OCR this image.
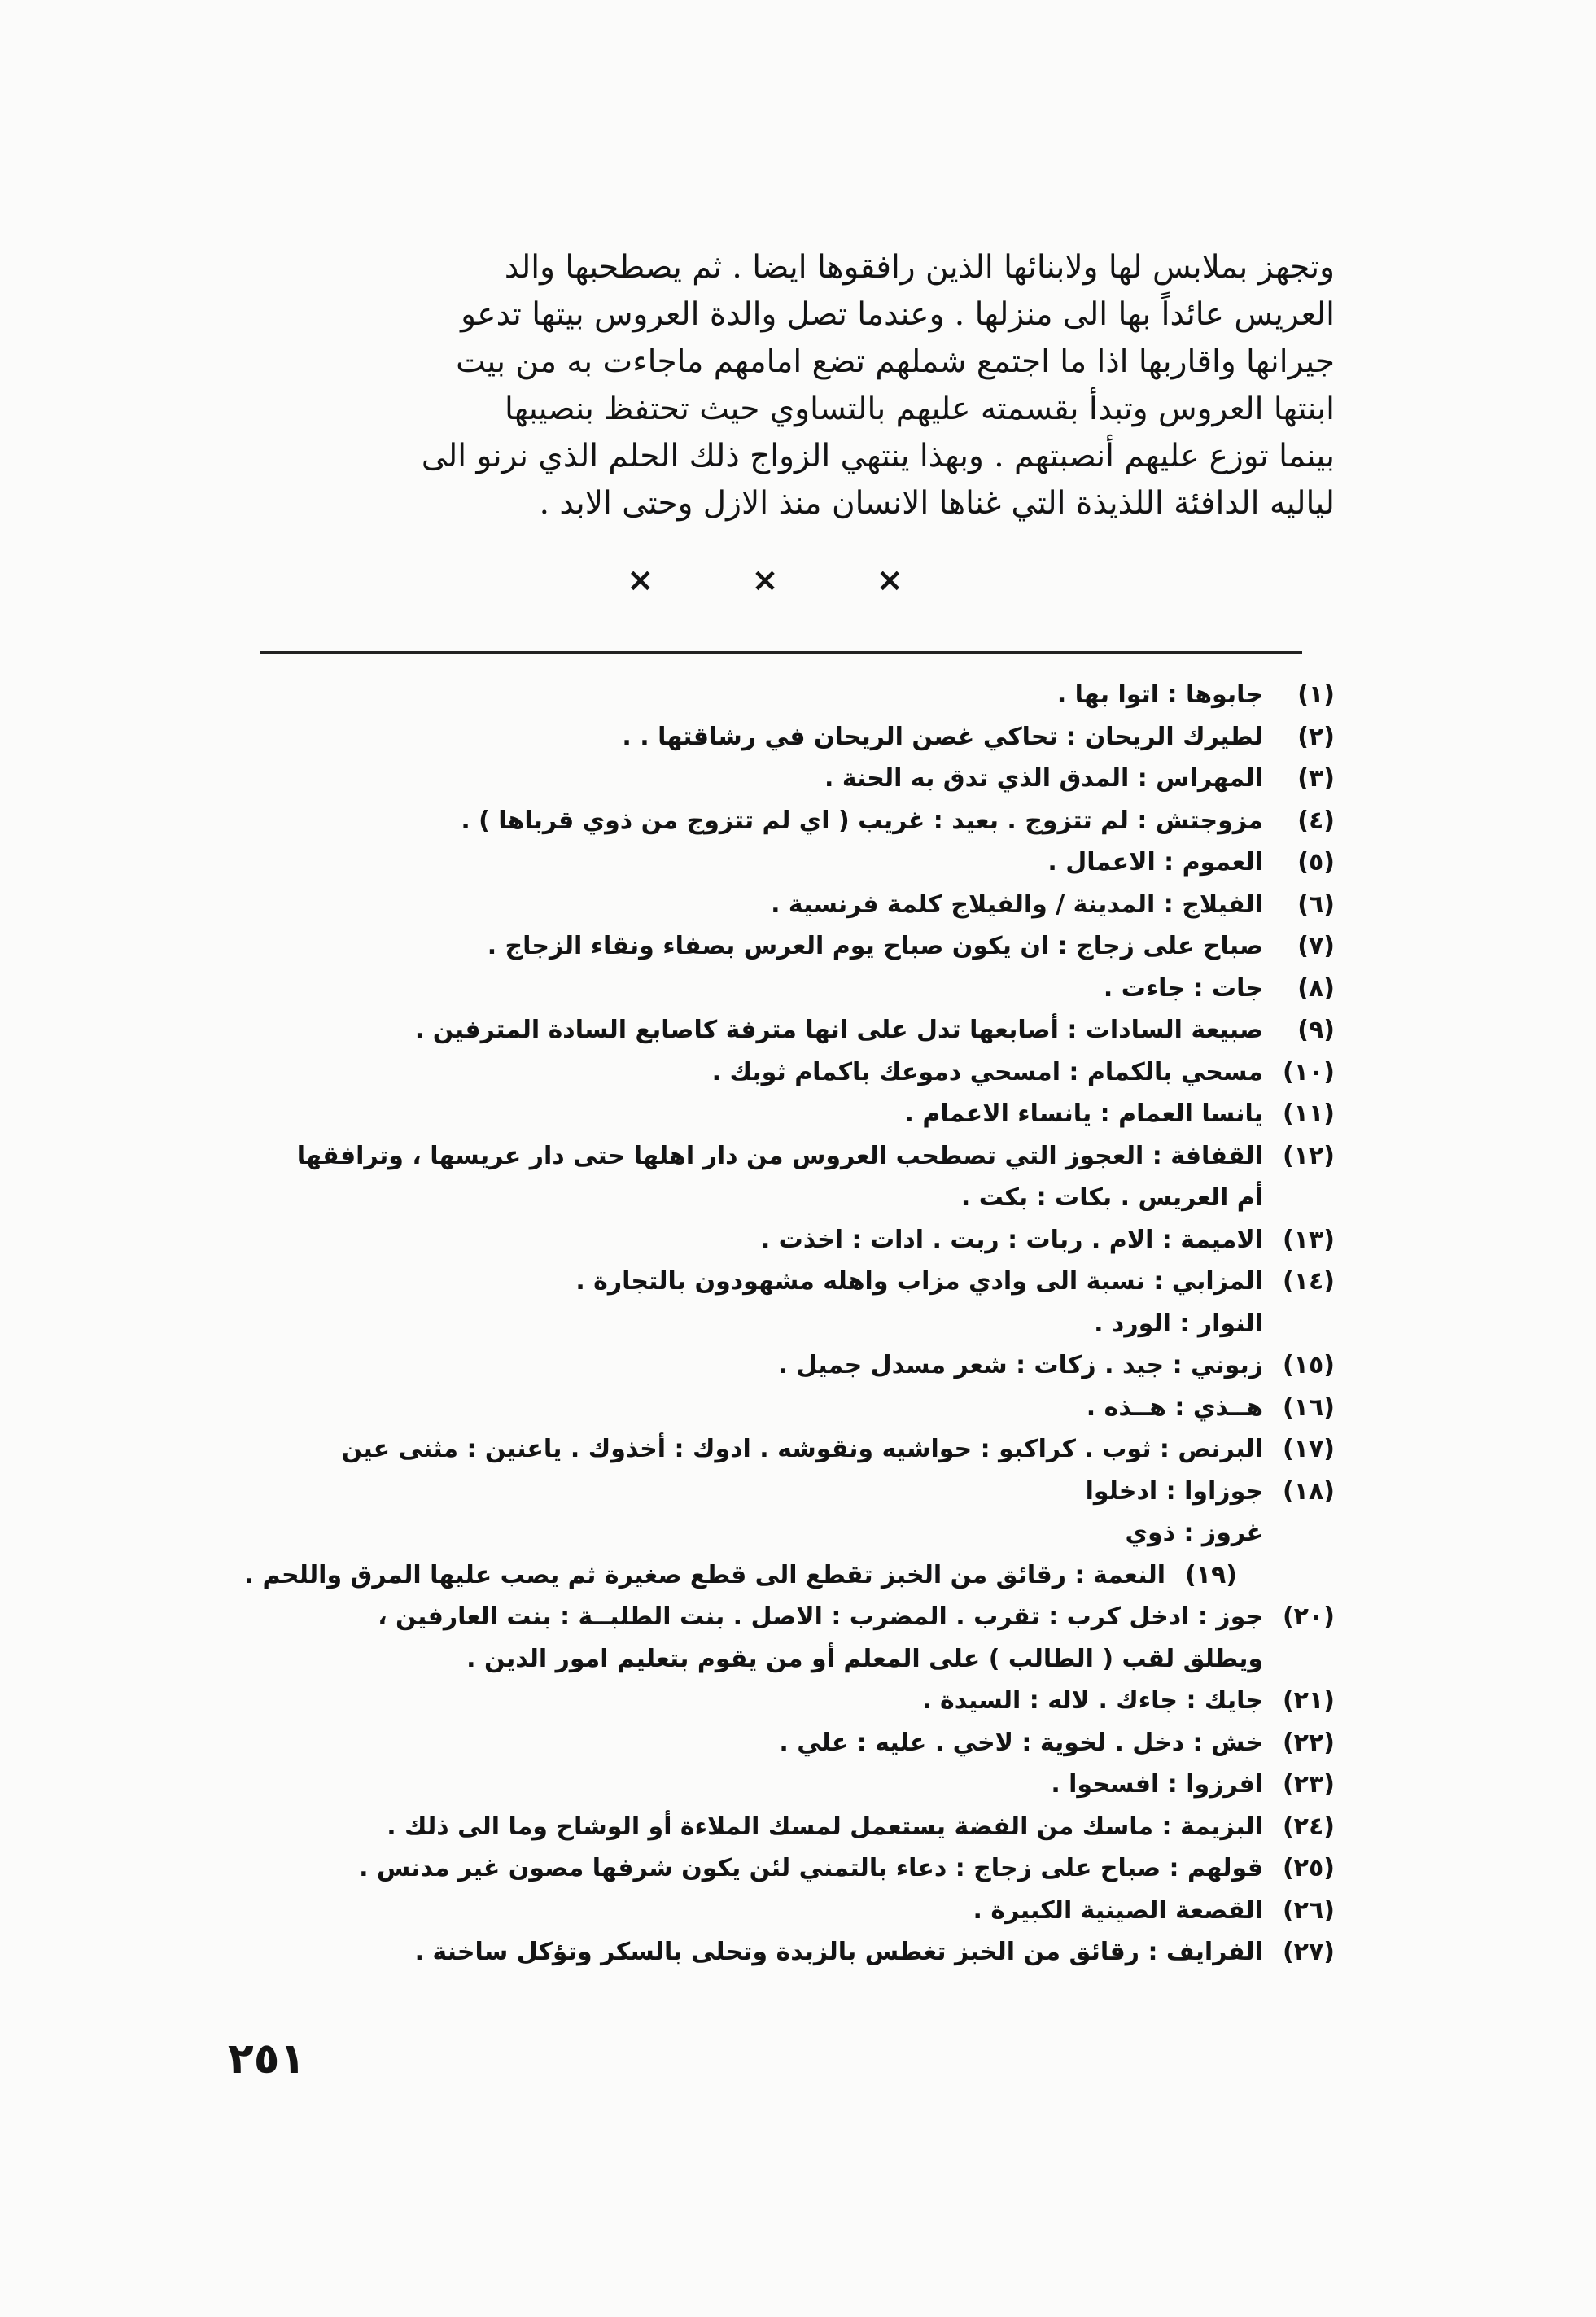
وتجهز بملابس لها ولابنائها الذين رافقوها ايضا . ثم يصطحبها والد

العريس عائداً بها الى منزلها . وعندما تصل والدة العروس بيتها تدعو

جيرانها واقاربها اذا ما اجتمع شملهم تضع امامهم ماجاءت به من بيت

ابنتها العروس وتبدأ بقسمته عليهم بالتساوي حيث تحتفظ بنصيبها

بينما توزع عليهم أنصبتهم . وبهذا ينتهي الزواج ذلك الحلم الذي نرنو الى

لياليه الدافئة اللذيذة التي غناها الانسان منذ الازل وحتى الابد .

×	×	×
(١)
جابوها : اتوا بها .
(٢)
لطيرك الريحان : تحاكي غصن الريحان في رشاقتها . .
(٣)
المهراس : المدق الذي تدق به الحنة .
(٤)
مزوجتش : لم تتزوج . بعيد : غريب ( اي لم تتزوج من ذوي قرباها ) .
(٥)
العموم : الاعمال .
(٦)
الفيلاج : المدينة / والفيلاج كلمة فرنسية .
(٧)
صباح على زجاج : ان يكون صباح يوم العرس بصفاء ونقاء الزجاج .
(٨)
جات : جاءت .
(٩)
صبيعة السادات : أصابعها تدل على انها مترفة كاصابع السادة المترفين .
(١٠)
مسحي بالكمام : امسحي دموعك باكمام ثوبك .
(١١)
يانسا العمام : يانساء الاعمام .
(١٢)
القفافة : العجوز التي تصطحب العروس من دار اهلها حتى دار عريسها ، وترافقها
أم العريس . بكات : بكت .
(١٣)
الاميمة : الام . ربات : ربت . ادات : اخذت .
(١٤)
المزابي : نسبة الى وادي مزاب واهله مشهودون بالتجارة .
النوار : الورد .
(١٥)
زبوني : جيد . زكات : شعر مسدل جميل .
(١٦)
هــذي : هــذه .
(١٧)
البرنص : ثوب . كراكبو : حواشيه ونقوشه . ادوك : أخذوك . ياعنين : مثنى عين
(١٨)
جوزاوا : ادخلوا
غروز : ذوي
(١٩)
النعمة : رقائق من الخبز تقطع الى قطع صغيرة ثم يصب عليها المرق واللحم .
(٢٠)
جوز : ادخل كرب : تقرب . المضرب : الاصل . بنت الطلبــة : بنت العارفين ،
ويطلق لقب ( الطالب ) على المعلم أو من يقوم بتعليم امور الدين .
(٢١)
جايك : جاءك . لاله : السيدة .
(٢٢)
خش : دخل . لخوية : لاخي . عليه : علي .
(٢٣)
افرزوا : افسحوا .
(٢٤)
البزيمة : ماسك من الفضة يستعمل لمسك الملاءة أو الوشاح وما الى ذلك .
(٢٥)
قولهم : صباح على زجاج : دعاء بالتمني لئن يكون شرفها مصون غير مدنس .
(٢٦)
القصعة الصينية الكبيرة .
(٢٧)
الفرايف : رقائق من الخبز تغطس بالزبدة وتحلى بالسكر وتؤكل ساخنة .
٢٥١
